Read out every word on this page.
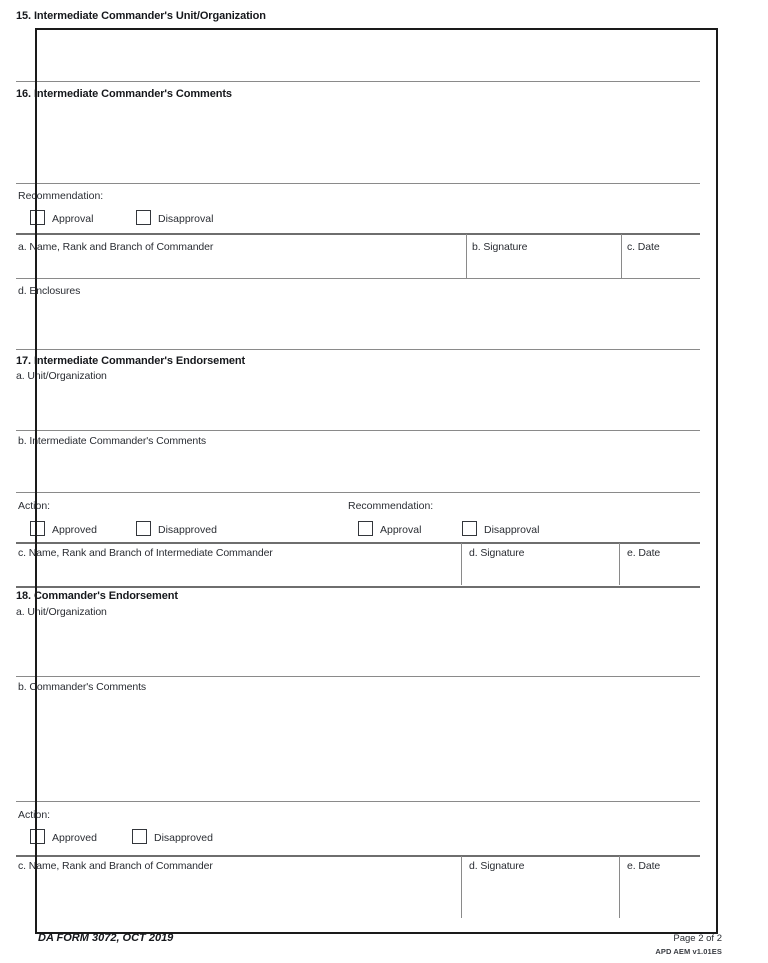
15. Intermediate Commander's Unit/Organization
16. Intermediate Commander's Comments
Recommendation:
Approval	Disapproval
a. Name, Rank and Branch of Commander	b. Signature	c. Date
d. Enclosures
17. Intermediate Commander's Endorsement
a. Unit/Organization
b. Intermediate Commander's Comments
Action:
Approved	Disapproved
Recommendation:
Approval	Disapproval
c. Name, Rank and Branch of Intermediate Commander	d. Signature	e. Date
18. Commander's Endorsement
a. Unit/Organization
b. Commander's Comments
Action:
Approved	Disapproved
c. Name, Rank and Branch of Commander	d. Signature	e. Date
DA FORM 3072, OCT 2019	Page 2 of 2
APD AEM v1.01ES
